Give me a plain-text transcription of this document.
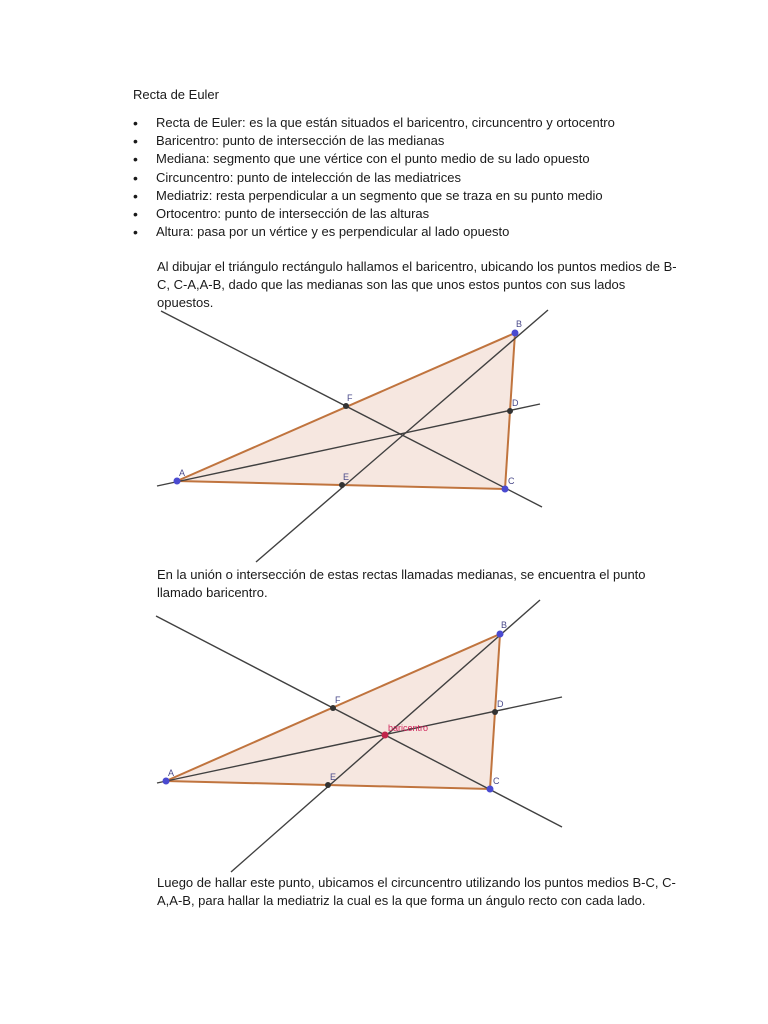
Recta de Euler
• Recta de Euler: es la que están situados el baricentro, circuncentro y ortocentro
• Baricentro: punto de intersección de las medianas
• Mediana: segmento que une vértice con el punto medio de su lado opuesto
• Circuncentro: punto de intelección de las mediatrices
• Mediatriz: resta perpendicular a un segmento que se traza en su punto medio
• Ortocentro: punto de intersección de las alturas
• Altura: pasa por un vértice y es perpendicular al lado opuesto

Al dibujar el triángulo rectángulo hallamos el baricentro, ubicando los puntos medios de B-C, C-A,A-B, dado que las medianas son las que unos estos puntos con sus lados opuestos.

A
B
C
D
E
F

En la unión o intersección de estas rectas llamadas medianas, se encuentra el punto llamado baricentro.

A
B
C
D
E
F
baricentro

Luego de hallar este punto, ubicamos el circuncentro utilizando los puntos medios B-C, C-A,A-B, para hallar la mediatriz la cual es la que forma un ángulo recto con cada lado.
